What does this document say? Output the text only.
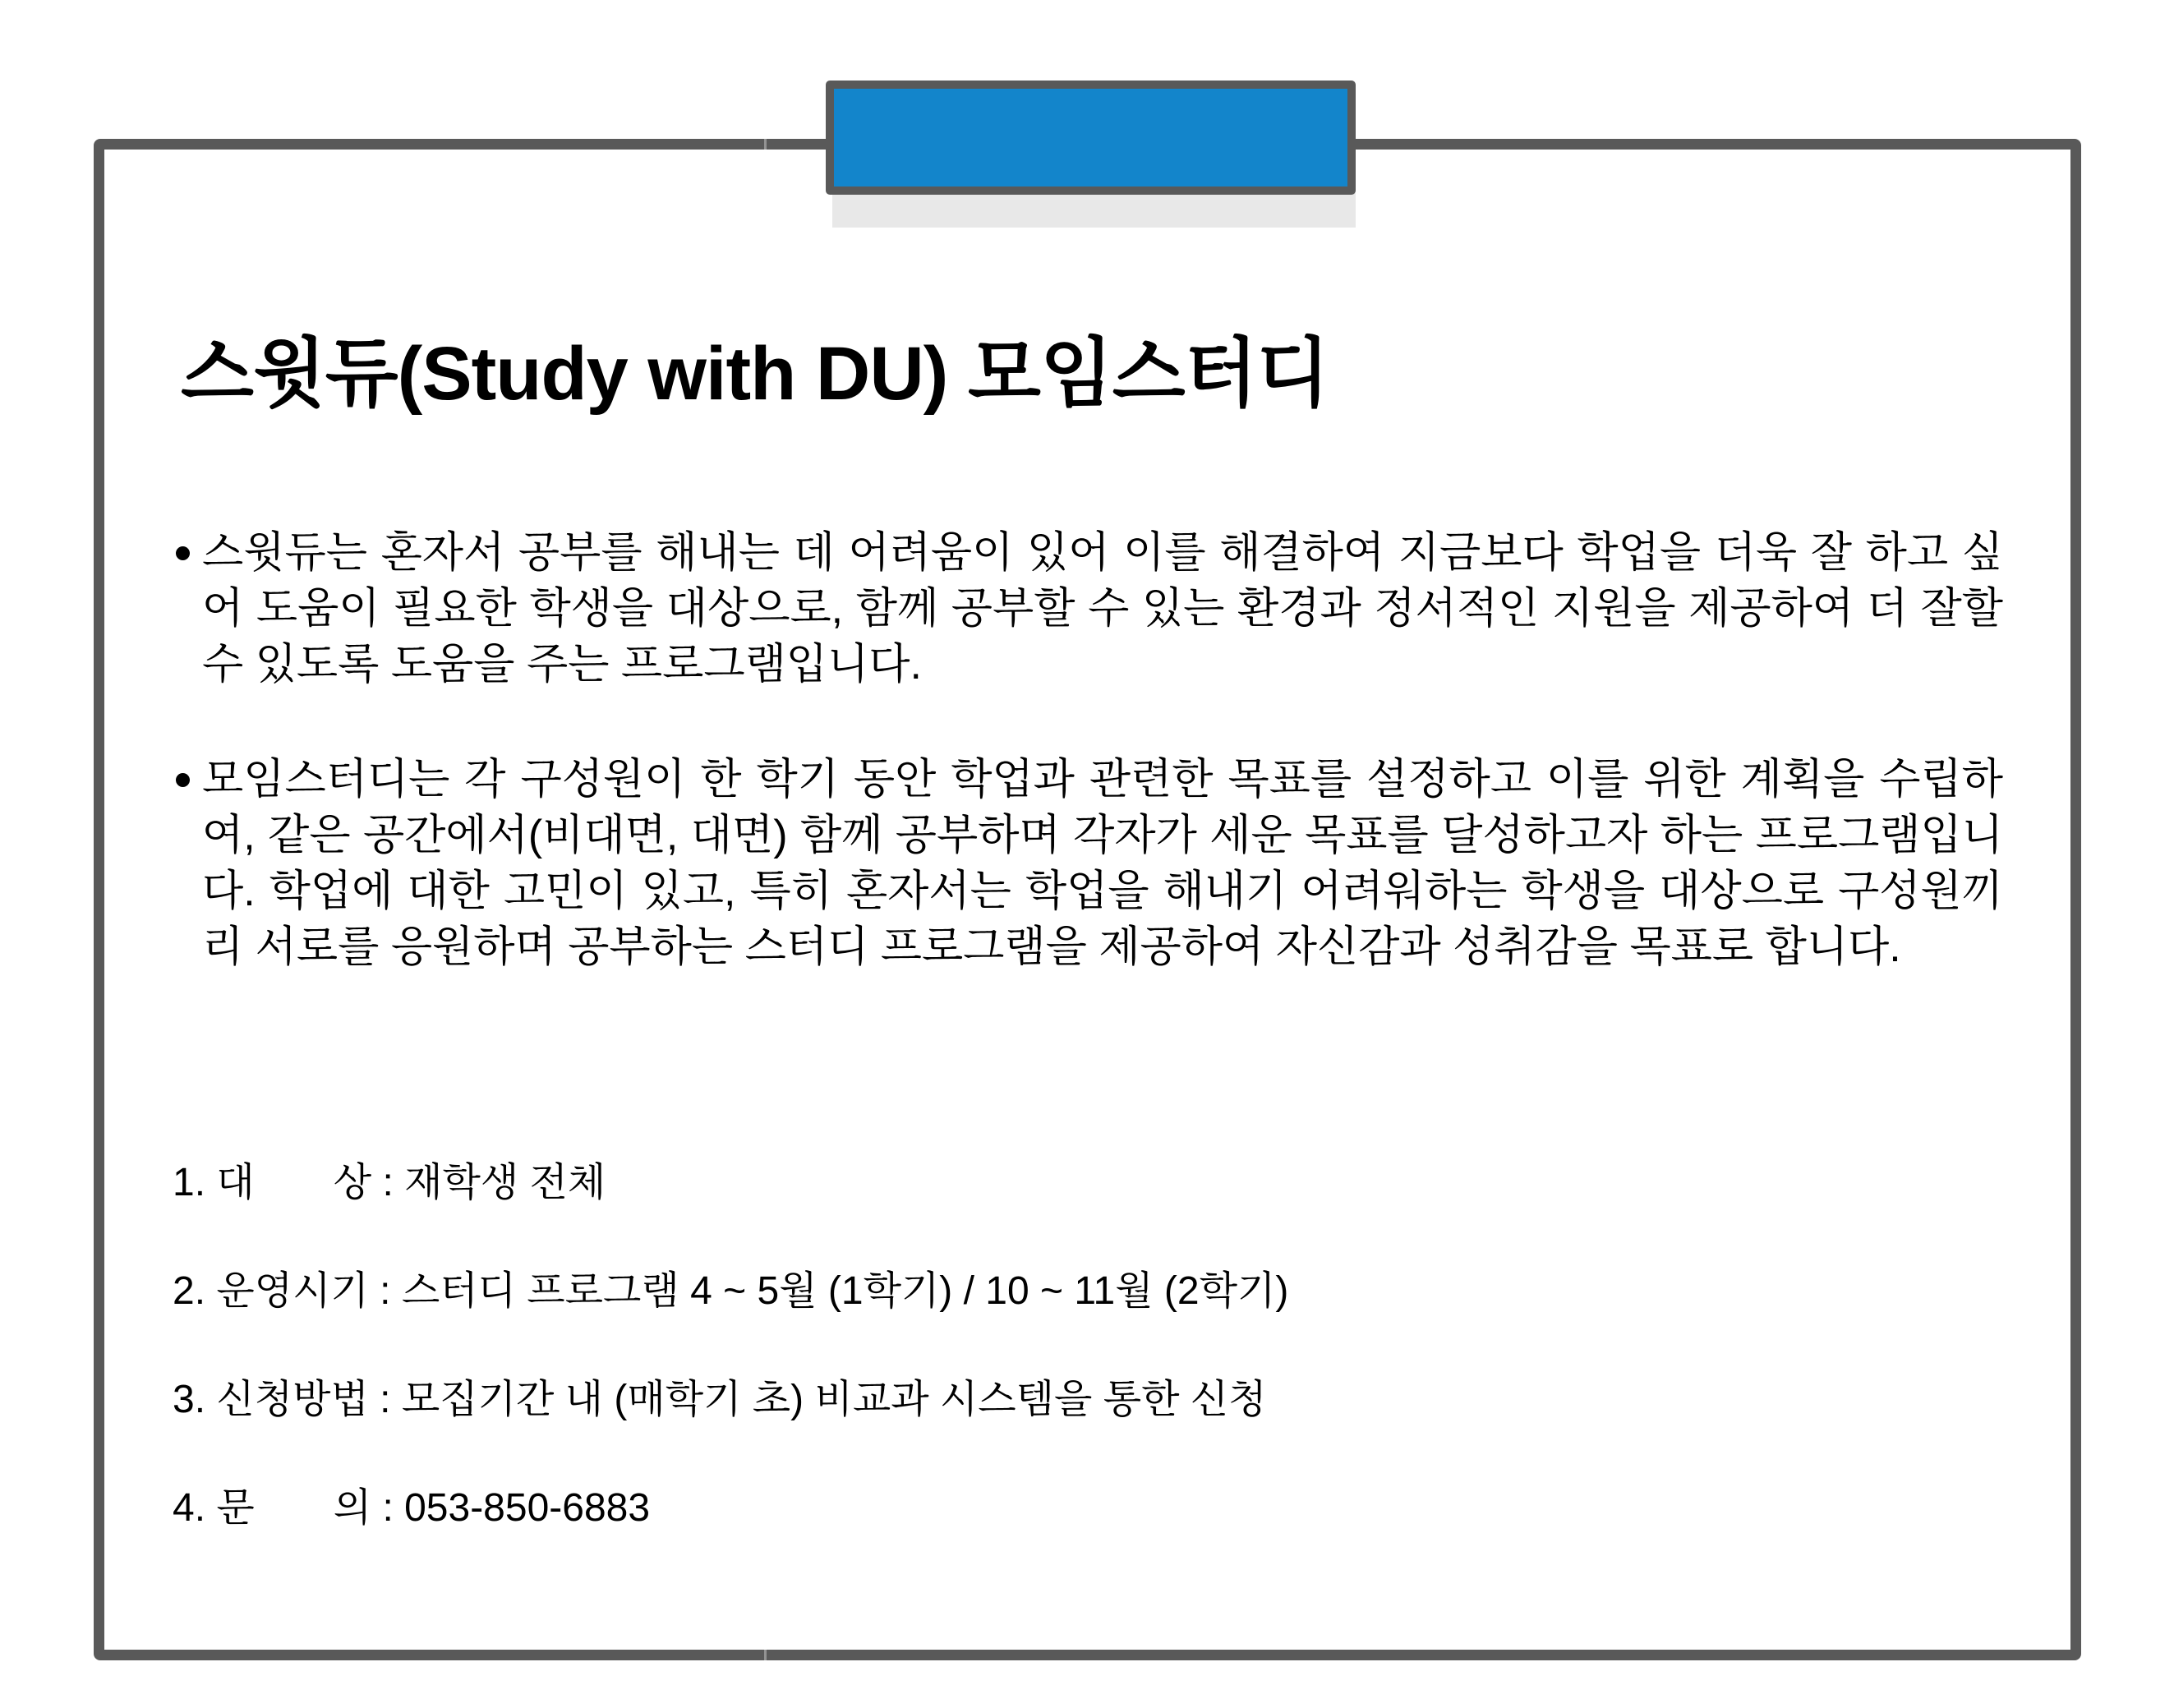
스윗듀(Study with DU) 모임스터디
스윗듀는 혼자서 공부를 해내는 데 어려움이 있어 이를 해결하여 지금보다 학업을 더욱 잘 하고 싶어 도움이 필요한 학생을 대상으로, 함께 공부할 수 있는 환경과 정서적인 지원을 제공하여 더 잘할 수 있도록 도움을 주는 프로그램입니다.
모임스터디는 각 구성원이 한 학기 동안 학업과 관련한 목표를 설정하고 이를 위한 계획을 수립하여, 같은 공간에서(비대면, 대면) 함께 공부하며 각자가 세운 목표를 달성하고자 하는 프로그램입니다. 학업에 대한 고민이 있고, 특히 혼자서는 학업을 해내기 어려워하는 학생을 대상으로 구성원끼리 서로를 응원하며 공부하는 스터디 프로그램을 제공하여 자신감과 성취감을 목표로 합니다.

1. 대　　상 : 재학생 전체

2. 운영시기 : 스터디 프로그램 4 ~ 5월 (1학기) / 10 ~ 11월 (2학기)

3. 신청방법 : 모집기간 내 (매학기 초) 비교과 시스템을 통한 신청

4. 문　　의 : 053-850-6883
